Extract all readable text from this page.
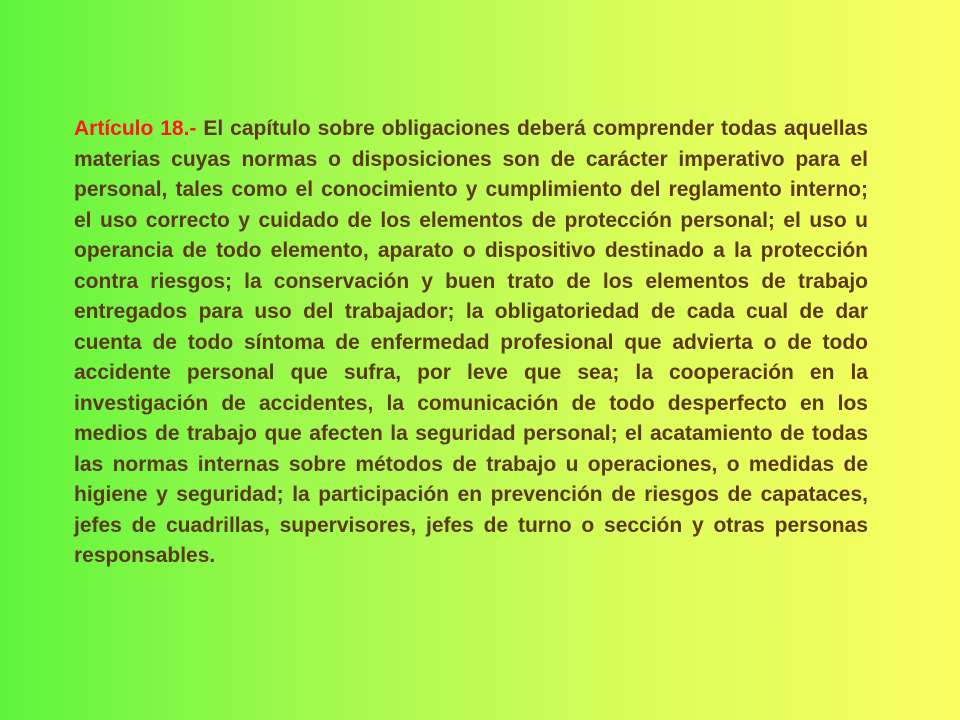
Artículo 18.- El capítulo sobre obligaciones deberá comprender todas aquellas materias cuyas normas o disposiciones son de carácter imperativo para el personal, tales como el conocimiento y cumplimiento del reglamento interno; el uso correcto y cuidado de los elementos de protección personal; el uso u operancia de todo elemento, aparato o dispositivo destinado a la protección contra riesgos; la conservación y buen trato de los elementos de trabajo entregados para uso del trabajador; la obligatoriedad de cada cual de dar cuenta de todo síntoma de enfermedad profesional que advierta o de todo accidente personal que sufra, por leve que sea; la cooperación en la investigación de accidentes, la comunicación de todo desperfecto en los medios de trabajo que afecten la seguridad personal; el acatamiento de todas las normas internas sobre métodos de trabajo u operaciones, o medidas de higiene y seguridad; la participación en prevención de riesgos de capataces, jefes de cuadrillas, supervisores, jefes de turno o sección y otras personas responsables.
